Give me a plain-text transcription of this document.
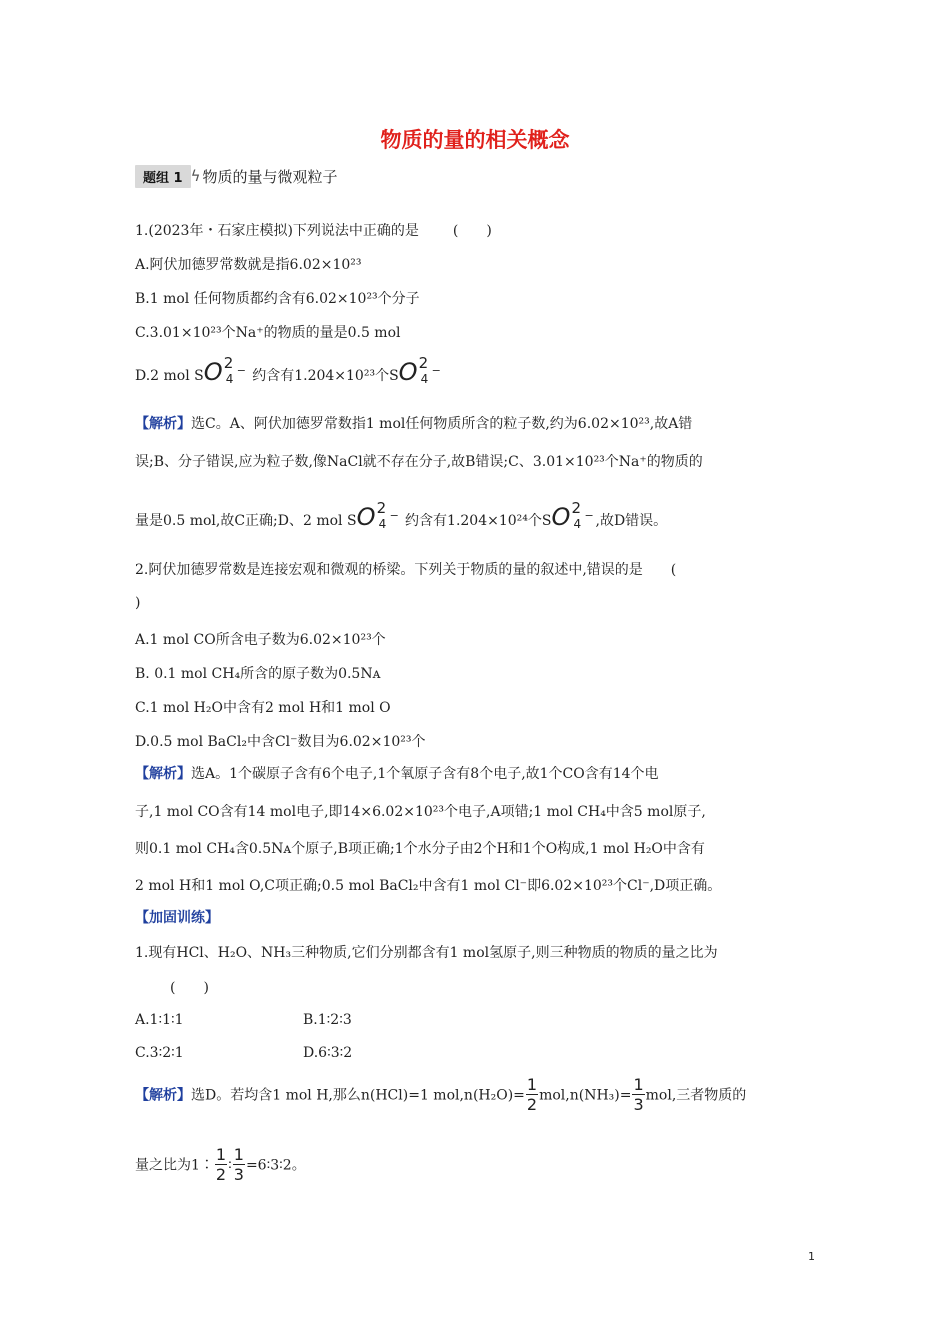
物质的量的相关概念
题组 1 ϟ 物质的量与微观粒子
1.(2023年・石家庄模拟)下列说法中正确的是 (　　)
A.阿伏加德罗常数就是指6.02×10²³
B.1 mol 任何物质都约含有6.02×10²³个分子
C.3.01×10²³个Na⁺的物质的量是0.5 mol
D.2 mol S O 2
4
− 约含有1.204×10²³个S O 2
4
−
【解析】选C。A、阿伏加德罗常数指1 mol任何物质所含的粒子数,约为6.02×10²³,故A错
误;B、分子错误,应为粒子数,像NaCl就不存在分子,故B错误;C、3.01×10²³个Na⁺的物质的
量是0.5 mol,故C正确;D、2 mol S O 2
4
− 约含有1.204×10²⁴个S O 2
4
− ,故D错误。
2.阿伏加德罗常数是连接宏观和微观的桥梁。下列关于物质的量的叙述中,错误的是　　(
)
A.1 mol CO所含电子数为6.02×10²³个
B. 0.1 mol CH₄所含的原子数为0.5Nᴀ
C.1 mol H₂O中含有2 mol H和1 mol O
D.0.5 mol BaCl₂中含Cl⁻数目为6.02×10²³个
【解析】选A。1个碳原子含有6个电子,1个氧原子含有8个电子,故1个CO含有14个电
子,1 mol CO含有14 mol电子,即14×6.02×10²³个电子,A项错;1 mol CH₄中含5 mol原子,
则0.1 mol CH₄含0.5Nᴀ个原子,B项正确;1个水分子由2个H和1个O构成,1 mol H₂O中含有
2 mol H和1 mol O,C项正确;0.5 mol BaCl₂中含有1 mol Cl⁻即6.02×10²³个Cl⁻,D项正确。
【加固训练】
1.现有HCl、H₂O、NH₃三种物质,它们分别都含有1 mol氢原子,则三种物质的物质的量之比为
(　　)
A.1∶1∶1	B.1∶2∶3
C.3∶2∶1	D.6∶3∶2
【解析】选D。若均含1 mol H,那么n(HCl)=1 $mol,n(H_2O)= \frac{1}{2} mol,n(NH_3)= \frac{1}{3}$ mol,三者物质的
量之比为1∶ $\frac{1}{2}$ ∶ $\frac{1}{3}$ =6∶3∶2。
1
